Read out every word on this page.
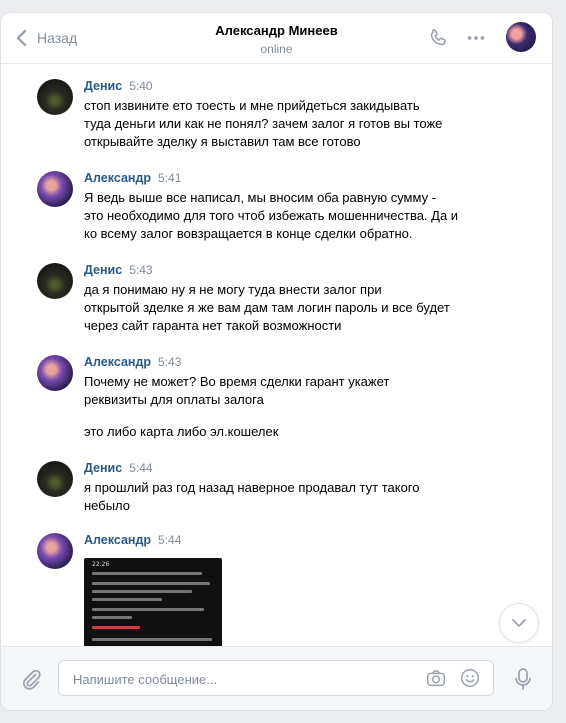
Назад	Александр Минеев
online
Денис 5:40
стоп извините ето тоесть и мне прийдеться закидывать
туда деньги или как не понял? зачем залог я готов вы тоже
открывайте зделку я выставил там все готово
Александр 5:41
Я ведь выше все написал, мы вносим оба равную сумму -
это необходимо для того чтоб избежать мошенничества. Да и
ко всему залог вовзращается в конце сделки обратно.
Денис 5:43
да я понимаю ну я не могу туда внести залог при
открытой зделке я же вам дам там логин пароль и все будет
через сайт гаранта нет такой возможности
Александр 5:43
Почему не может? Во время сделки гарант укажет
реквизиты для оплаты залога
это либо карта либо эл.кошелек
Денис 5:44
я прошлий раз год назад наверное продавал тут такого
небыло
Александр 5:44
22:26
Напишите сообщение...
